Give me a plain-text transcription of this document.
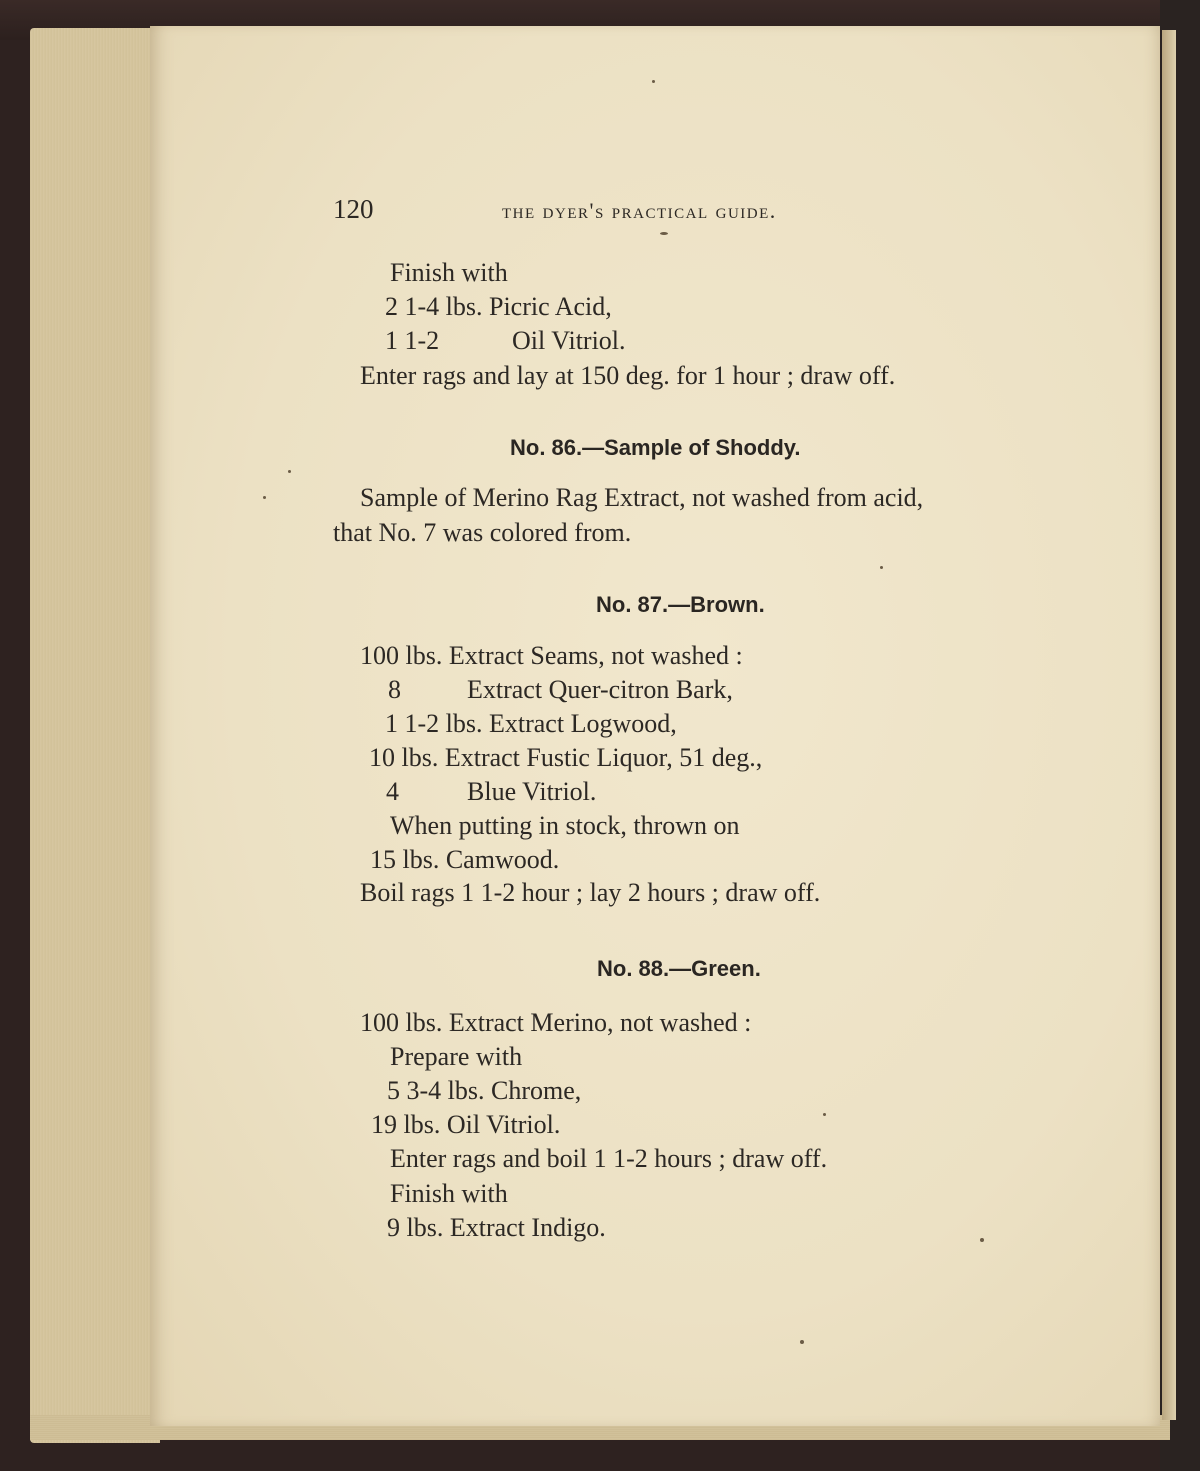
120	the dyer's practical guide.
Finish with
2 1-4 lbs. Picric Acid,
1 1-2	Oil Vitriol.
Enter rags and lay at 150 deg. for 1 hour ; draw off.
No. 86.—Sample of Shoddy.
Sample of Merino Rag Extract, not washed from acid,
that No. 7 was colored from.
No. 87.—Brown.
100 lbs. Extract Seams, not washed :
8	Extract Quer-citron Bark,
1 1-2 lbs. Extract Logwood,
10 lbs. Extract Fustic Liquor, 51 deg.,
4	Blue Vitriol.
When putting in stock, thrown on
15 lbs. Camwood.
Boil rags 1 1-2 hour ; lay 2 hours ; draw off.
No. 88.—Green.
100 lbs. Extract Merino, not washed :
Prepare with
5 3-4 lbs. Chrome,
19 lbs. Oil Vitriol.
Enter rags and boil 1 1-2 hours ; draw off.
Finish with
9 lbs. Extract Indigo.
